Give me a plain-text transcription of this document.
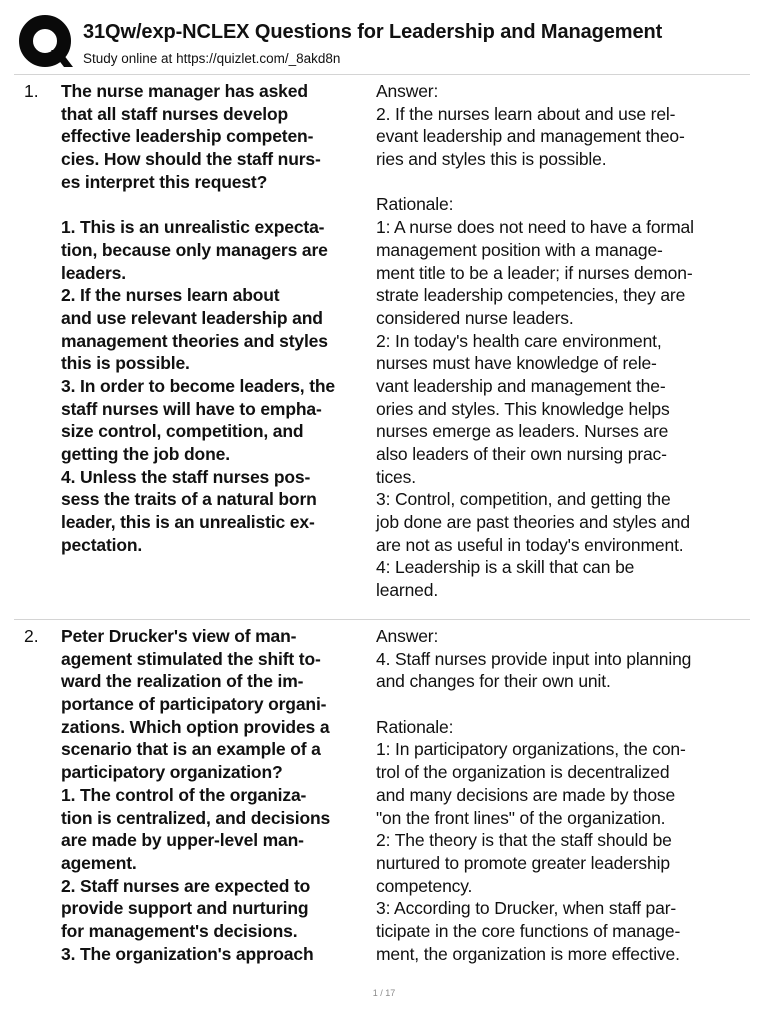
31Qw/exp-NCLEX Questions for Leadership and Management
Study online at https://quizlet.com/_8akd8n
1. The nurse manager has asked
that all staff nurses develop
effective leadership competen-
cies. How should the staff nurs-
es interpret this request?
1. This is an unrealistic expecta-
tion, because only managers are
leaders.
2. If the nurses learn about
and use relevant leadership and
management theories and styles
this is possible.
3. In order to become leaders, the
staff nurses will have to empha-
size control, competition, and
getting the job done.
4. Unless the staff nurses pos-
sess the traits of a natural born
leader, this is an unrealistic ex-
pectation.
Answer:
2. If the nurses learn about and use rel-
evant leadership and management theo-
ries and styles this is possible.
Rationale:
1: A nurse does not need to have a formal
management position with a manage-
ment title to be a leader; if nurses demon-
strate leadership competencies, they are
considered nurse leaders.
2: In today's health care environment,
nurses must have knowledge of rele-
vant leadership and management the-
ories and styles. This knowledge helps
nurses emerge as leaders. Nurses are
also leaders of their own nursing prac-
tices.
3: Control, competition, and getting the
job done are past theories and styles and
are not as useful in today's environment.
4: Leadership is a skill that can be
learned.
2. Peter Drucker's view of man-
agement stimulated the shift to-
ward the realization of the im-
portance of participatory organi-
zations. Which option provides a
scenario that is an example of a
participatory organization?
1. The control of the organiza-
tion is centralized, and decisions
are made by upper-level man-
agement.
2. Staff nurses are expected to
provide support and nurturing
for management's decisions.
3. The organization's approach
Answer:
4. Staff nurses provide input into planning
and changes for their own unit.
Rationale:
1: In participatory organizations, the con-
trol of the organization is decentralized
and many decisions are made by those
"on the front lines" of the organization.
2: The theory is that the staff should be
nurtured to promote greater leadership
competency.
3: According to Drucker, when staff par-
ticipate in the core functions of manage-
ment, the organization is more effective.
1 / 17
